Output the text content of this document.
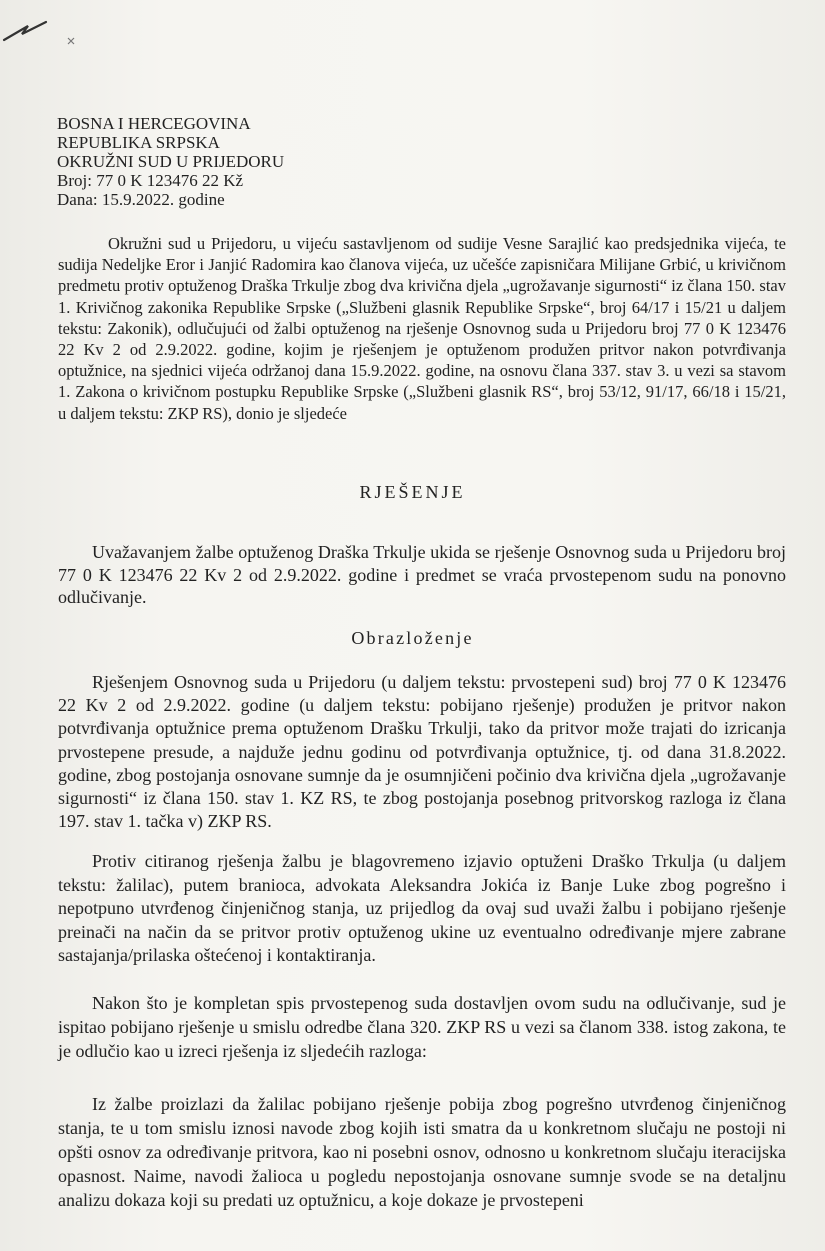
BOSNA I HERCEGOVINA
REPUBLIKA SRPSKA
OKRUŽNI SUD U PRIJEDORU
Broj: 77 0 K 123476 22 Kž
Dana: 15.9.2022. godine

Okružni sud u Prijedoru, u vijeću sastavljenom od sudije Vesne Sarajlić kao predsjednika vijeća, te sudija Nedeljke Eror i Janjić Radomira kao članova vijeća, uz učešće zapisničara Milijane Grbić, u krivičnom predmetu protiv optuženog Draška Trkulje zbog dva krivična djela „ugrožavanje sigurnosti“ iz člana 150. stav 1. Krivičnog zakonika Republike Srpske („Službeni glasnik Republike Srpske“, broj 64/17 i 15/21 u daljem tekstu: Zakonik), odlučujući od žalbi optuženog na rješenje Osnovnog suda u Prijedoru broj 77 0 K 123476 22 Kv 2 od 2.9.2022. godine, kojim je rješenjem je optuženom produžen pritvor nakon potvrđivanja optužnice, na sjednici vijeća održanoj dana 15.9.2022. godine, na osnovu člana 337. stav 3. u vezi sa stavom 1. Zakona o krivičnom postupku Republike Srpske („Službeni glasnik RS“, broj 53/12, 91/17, 66/18 i 15/21, u daljem tekstu: ZKP RS), donio je sljedeće

RJEŠENJE

Uvažavanjem žalbe optuženog Draška Trkulje ukida se rješenje Osnovnog suda u Prijedoru broj 77 0 K 123476 22 Kv 2 od 2.9.2022. godine i predmet se vraća prvostepenom sudu na ponovno odlučivanje.

Obrazloženje

Rješenjem Osnovnog suda u Prijedoru (u daljem tekstu: prvostepeni sud) broj 77 0 K 123476 22 Kv 2 od 2.9.2022. godine (u daljem tekstu: pobijano rješenje) produžen je pritvor nakon potvrđivanja optužnice prema optuženom Drašku Trkulji, tako da pritvor može trajati do izricanja prvostepene presude, a najduže jednu godinu od potvrđivanja optužnice, tj. od dana 31.8.2022. godine, zbog postojanja osnovane sumnje da je osumnjičeni počinio dva krivična djela „ugrožavanje sigurnosti“ iz člana 150. stav 1. KZ RS, te zbog postojanja posebnog pritvorskog razloga iz člana 197. stav 1. tačka v) ZKP RS.

Protiv citiranog rješenja žalbu je blagovremeno izjavio optuženi Draško Trkulja (u daljem tekstu: žalilac), putem branioca, advokata Aleksandra Jokića iz Banje Luke zbog pogrešno i nepotpuno utvrđenog činjeničnog stanja, uz prijedlog da ovaj sud uvaži žalbu i pobijano rješenje preinači na način da se pritvor protiv optuženog ukine uz eventualno određivanje mjere zabrane sastajanja/prilaska oštećenoj i kontaktiranja.

Nakon što je kompletan spis prvostepenog suda dostavljen ovom sudu na odlučivanje, sud je ispitao pobijano rješenje u smislu odredbe člana 320. ZKP RS u vezi sa članom 338. istog zakona, te je odlučio kao u izreci rješenja iz sljedećih razloga:

Iz žalbe proizlazi da žalilac pobijano rješenje pobija zbog pogrešno utvrđenog činjeničnog stanja, te u tom smislu iznosi navode zbog kojih isti smatra da u konkretnom slučaju ne postoji ni opšti osnov za određivanje pritvora, kao ni posebni osnov, odnosno u konkretnom slučaju iteracijska opasnost. Naime, navodi žalioca u pogledu nepostojanja osnovane sumnje svode se na detaljnu analizu dokaza koji su predati uz optužnicu, a koje dokaze je prvostepeni
